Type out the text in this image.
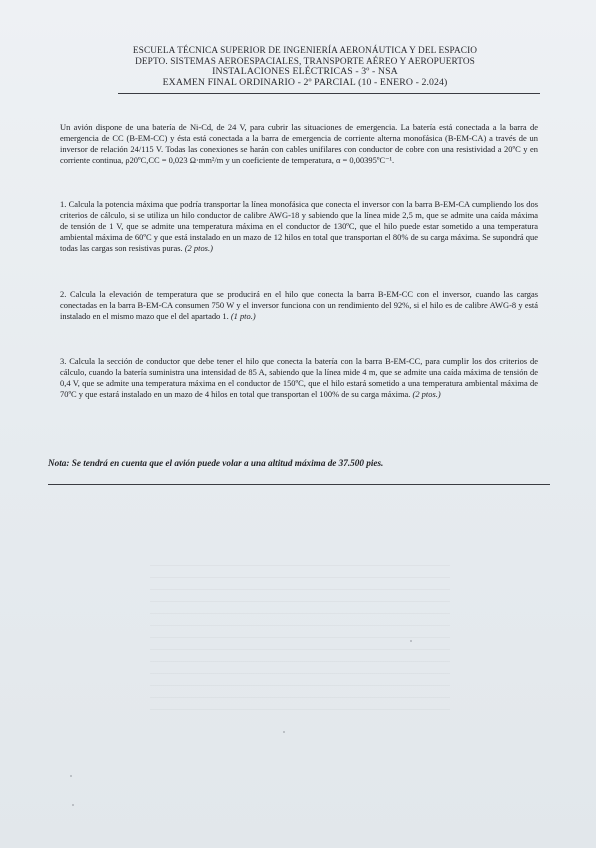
ESCUELA TÉCNICA SUPERIOR DE INGENIERÍA AERONÁUTICA Y DEL ESPACIO
DEPTO. SISTEMAS AEROESPACIALES, TRANSPORTE AÉREO Y AEROPUERTOS
INSTALACIONES ELÉCTRICAS - 3º - NSA
EXAMEN FINAL ORDINARIO - 2º PARCIAL (10 - ENERO - 2.024)
Un avión dispone de una batería de Ni-Cd, de 24 V, para cubrir las situaciones de emergencia. La batería está conectada a la barra de emergencia de CC (B-EM-CC) y ésta está conectada a la barra de emergencia de corriente alterna monofásica (B-EM-CA) a través de un inversor de relación 24/115 V. Todas las conexiones se harán con cables unifilares con conductor de cobre con una resistividad a 20ºC y en corriente continua, ρ20ºC,CC = 0,023 Ω·mm²/m y un coeficiente de temperatura, α = 0,00395ºC⁻¹.
1. Calcula la potencia máxima que podría transportar la línea monofásica que conecta el inversor con la barra B-EM-CA cumpliendo los dos criterios de cálculo, si se utiliza un hilo conductor de calibre AWG-18 y sabiendo que la línea mide 2,5 m, que se admite una caída máxima de tensión de 1 V, que se admite una temperatura máxima en el conductor de 130ºC, que el hilo puede estar sometido a una temperatura ambiental máxima de 60ºC y que está instalado en un mazo de 12 hilos en total que transportan el 80% de su carga máxima. Se supondrá que todas las cargas son resistivas puras. (2 ptos.)
2. Calcula la elevación de temperatura que se producirá en el hilo que conecta la barra B-EM-CC con el inversor, cuando las cargas conectadas en la barra B-EM-CA consumen 750 W y el inversor funciona con un rendimiento del 92%, si el hilo es de calibre AWG-8 y está instalado en el mismo mazo que el del apartado 1. (1 pto.)
3. Calcula la sección de conductor que debe tener el hilo que conecta la batería con la barra B-EM-CC, para cumplir los dos criterios de cálculo, cuando la batería suministra una intensidad de 85 A, sabiendo que la línea mide 4 m, que se admite una caída máxima de tensión de 0,4 V, que se admite una temperatura máxima en el conductor de 150ºC, que el hilo estará sometido a una temperatura ambiental máxima de 70ºC y que estará instalado en un mazo de 4 hilos en total que transportan el 100% de su carga máxima. (2 ptos.)
Nota: Se tendrá en cuenta que el avión puede volar a una altitud máxima de 37.500 pies.
